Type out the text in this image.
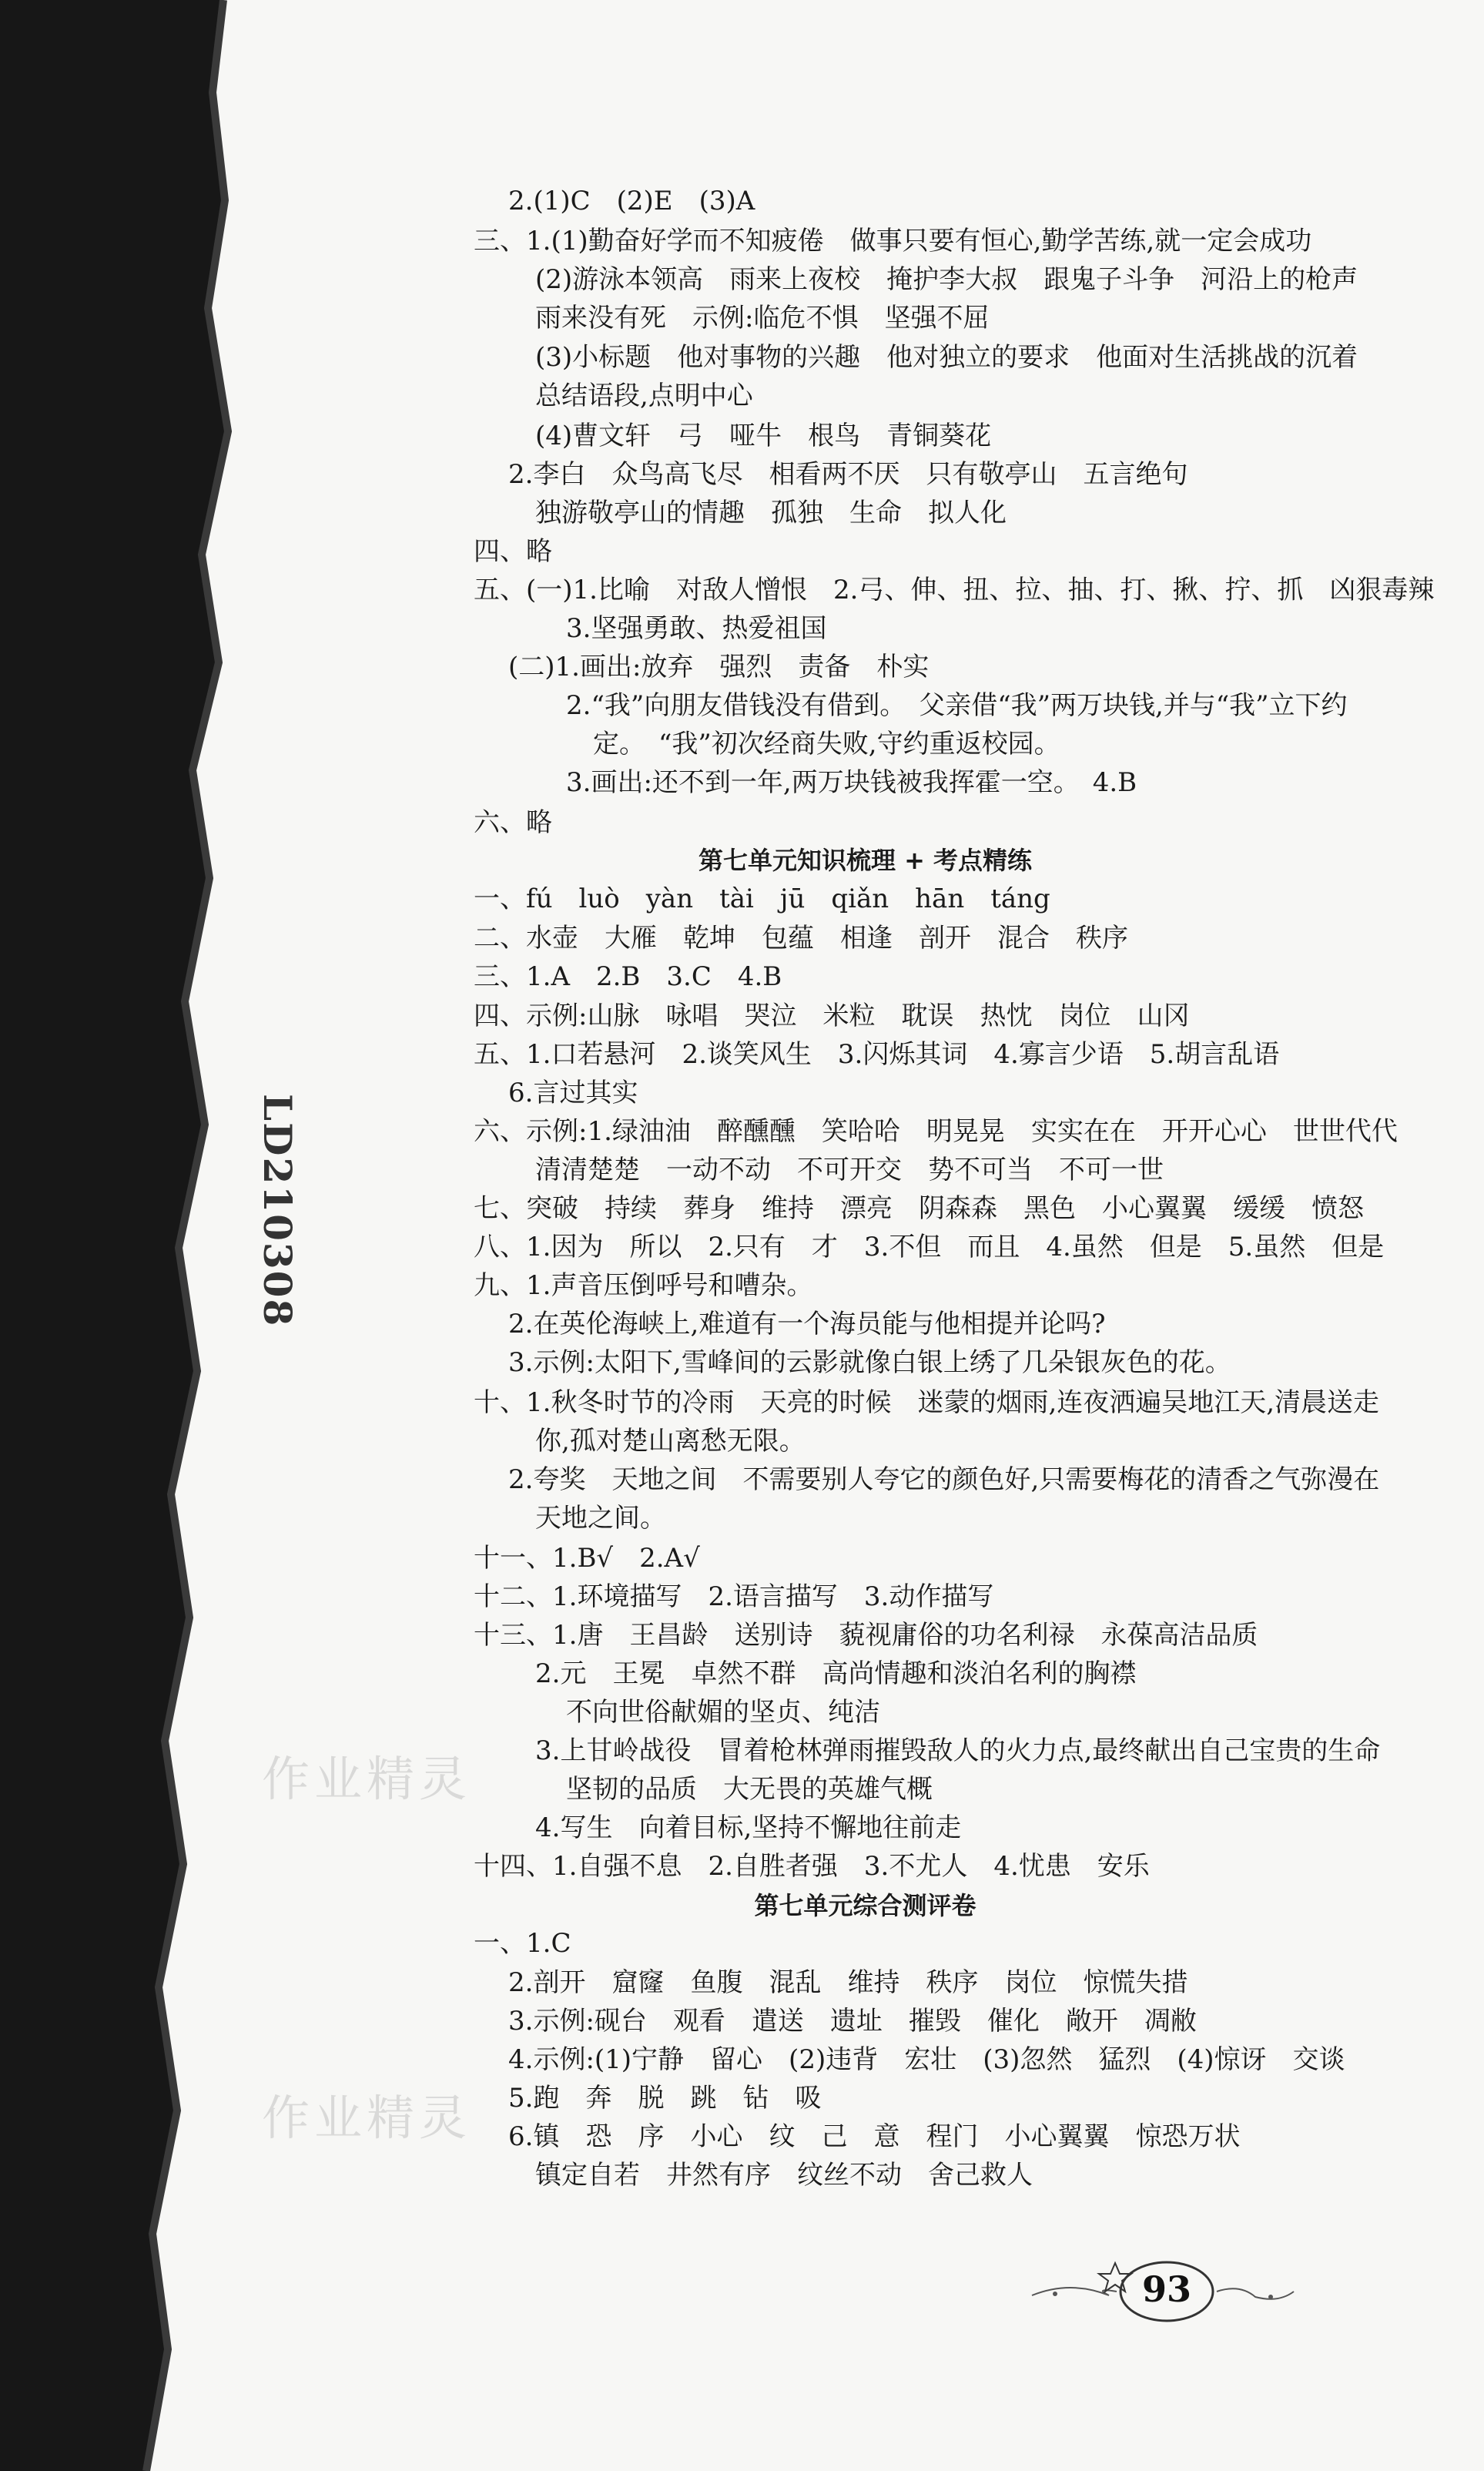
LD210308
作业精灵
作业精灵
2.(1)C　(2)E　(3)A
三、1.(1)勤奋好学而不知疲倦　做事只要有恒心,勤学苦练,就一定会成功
(2)游泳本领高　雨来上夜校　掩护李大叔　跟鬼子斗争　河沿上的枪声
雨来没有死　示例:临危不惧　坚强不屈
(3)小标题　他对事物的兴趣　他对独立的要求　他面对生活挑战的沉着
总结语段,点明中心
(4)曹文轩　弓　哑牛　根鸟　青铜葵花
2.李白　众鸟高飞尽　相看两不厌　只有敬亭山　五言绝句
独游敬亭山的情趣　孤独　生命　拟人化
四、略
五、(一)1.比喻　对敌人憎恨　2.弓、伸、扭、拉、抽、打、揪、拧、抓　凶狠毒辣
3.坚强勇敢、热爱祖国
(二)1.画出:放弃　强烈　责备　朴实
2.“我”向朋友借钱没有借到。　父亲借“我”两万块钱,并与“我”立下约
定。　“我”初次经商失败,守约重返校园。
3.画出:还不到一年,两万块钱被我挥霍一空。　4.B
六、略
一、fú　luò　yàn　tài　jū　qiǎn　hān　táng
二、水壶　大雁　乾坤　包蕴　相逢　剖开　混合　秩序
三、1.A　2.B　3.C　4.B
四、示例:山脉　咏唱　哭泣　米粒　耽误　热忱　岗位　山冈
五、1.口若悬河　2.谈笑风生　3.闪烁其词　4.寡言少语　5.胡言乱语
6.言过其实
六、示例:1.绿油油　醉醺醺　笑哈哈　明晃晃　实实在在　开开心心　世世代代
清清楚楚　一动不动　不可开交　势不可当　不可一世
七、突破　持续　葬身　维持　漂亮　阴森森　黑色　小心翼翼　缓缓　愤怒
八、1.因为　所以　2.只有　才　3.不但　而且　4.虽然　但是　5.虽然　但是
九、1.声音压倒呼号和嘈杂。
2.在英伦海峡上,难道有一个海员能与他相提并论吗?
3.示例:太阳下,雪峰间的云影就像白银上绣了几朵银灰色的花。
十、1.秋冬时节的冷雨　天亮的时候　迷蒙的烟雨,连夜洒遍吴地江天,清晨送走
你,孤对楚山离愁无限。
2.夸奖　天地之间　不需要别人夸它的颜色好,只需要梅花的清香之气弥漫在
天地之间。
十一、1.B√　2.A√
十二、1.环境描写　2.语言描写　3.动作描写
十三、1.唐　王昌龄　送别诗　藐视庸俗的功名利禄　永葆高洁品质
2.元　王冕　卓然不群　高尚情趣和淡泊名利的胸襟
不向世俗献媚的坚贞、纯洁
3.上甘岭战役　冒着枪林弹雨摧毁敌人的火力点,最终献出自己宝贵的生命
坚韧的品质　大无畏的英雄气概
4.写生　向着目标,坚持不懈地往前走
十四、1.自强不息　2.自胜者强　3.不尤人　4.忧患　安乐
一、1.C
2.剖开　窟窿　鱼腹　混乱　维持　秩序　岗位　惊慌失措
3.示例:砚台　观看　遣送　遗址　摧毁　催化　敞开　凋敝
4.示例:(1)宁静　留心　(2)违背　宏壮　(3)忽然　猛烈　(4)惊讶　交谈
5.跑　奔　脱　跳　钻　吸
6.镇　恐　序　小心　纹　己　意　程门　小心翼翼　惊恐万状
镇定自若　井然有序　纹丝不动　舍己救人
第七单元知识梳理 + 考点精练
第七单元综合测评卷
93
